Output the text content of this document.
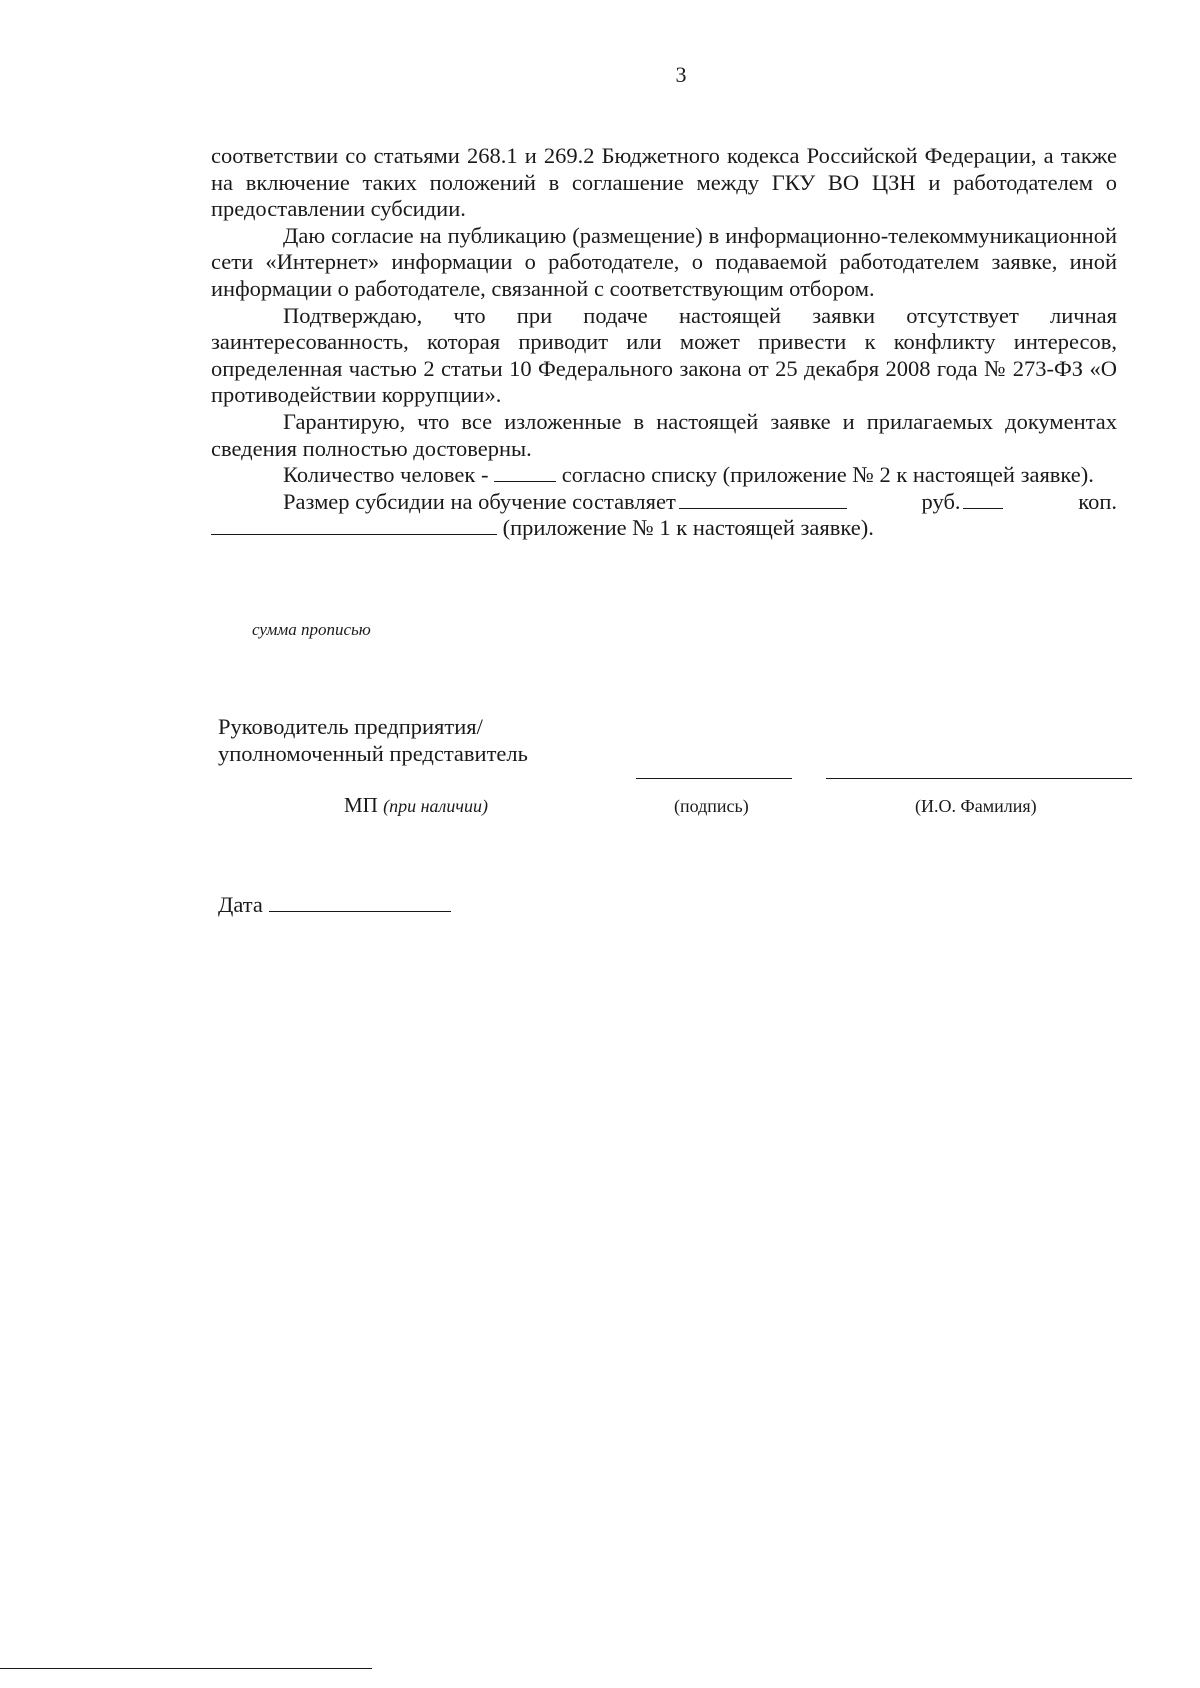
3

соответствии со статьями 268.1 и 269.2 Бюджетного кодекса Российской Федерации, а также на включение таких положений в соглашение между ГКУ ВО ЦЗН и работодателем о предоставлении субсидии.

Даю согласие на публикацию (размещение) в информационно-телекоммуникационной сети «Интернет» информации о работодателе, о подаваемой работодателем заявке, иной информации о работодателе, связанной с соответствующим отбором.

Подтверждаю, что при подаче настоящей заявки отсутствует личная заинтересованность, которая приводит или может привести к конфликту интересов, определенная частью 2 статьи 10 Федерального закона от 25 декабря 2008 года № 273-ФЗ «О противодействии коррупции».

Гарантирую, что все изложенные в настоящей заявке и прилагаемых документах сведения полностью достоверны.

Количество человек -	согласно списку (приложение № 2 к настоящей заявке).

Размер субсидии на обучение составляет	руб.	коп.
(приложение № 1 к настоящей заявке).
сумма прописью
Руководитель предприятия/
уполномоченный представитель
МП (при наличии)	(подпись)	(И.О. Фамилия)
Дата
